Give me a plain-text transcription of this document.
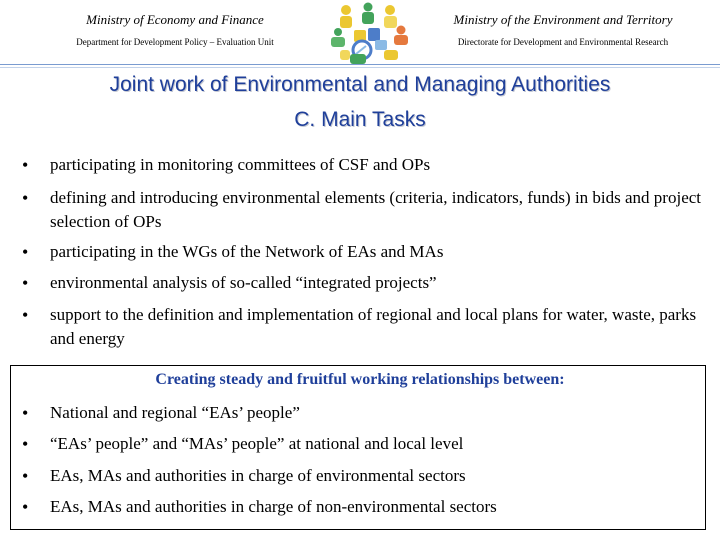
Ministry of Economy and Finance
Department for Development Policy – Evaluation Unit
Ministry of the Environment and Territory
Directorate for Development and Environmental Research
Joint work of Environmental and Managing Authorities
C. Main Tasks
• participating in monitoring committees of CSF and OPs
• defining and introducing environmental elements (criteria, indicators, funds) in bids and project selection of OPs
• participating in the WGs of the Network of EAs and MAs
• environmental analysis of so-called “integrated projects”
• support to the definition and implementation of regional and local plans for water, waste, parks and energy
Creating steady and fruitful working relationships between:
• National and regional “EAs’ people”
• “EAs’ people” and “MAs’ people” at national and local level
• EAs, MAs and authorities in charge of environmental sectors
• EAs, MAs and authorities in charge of non-environmental sectors
